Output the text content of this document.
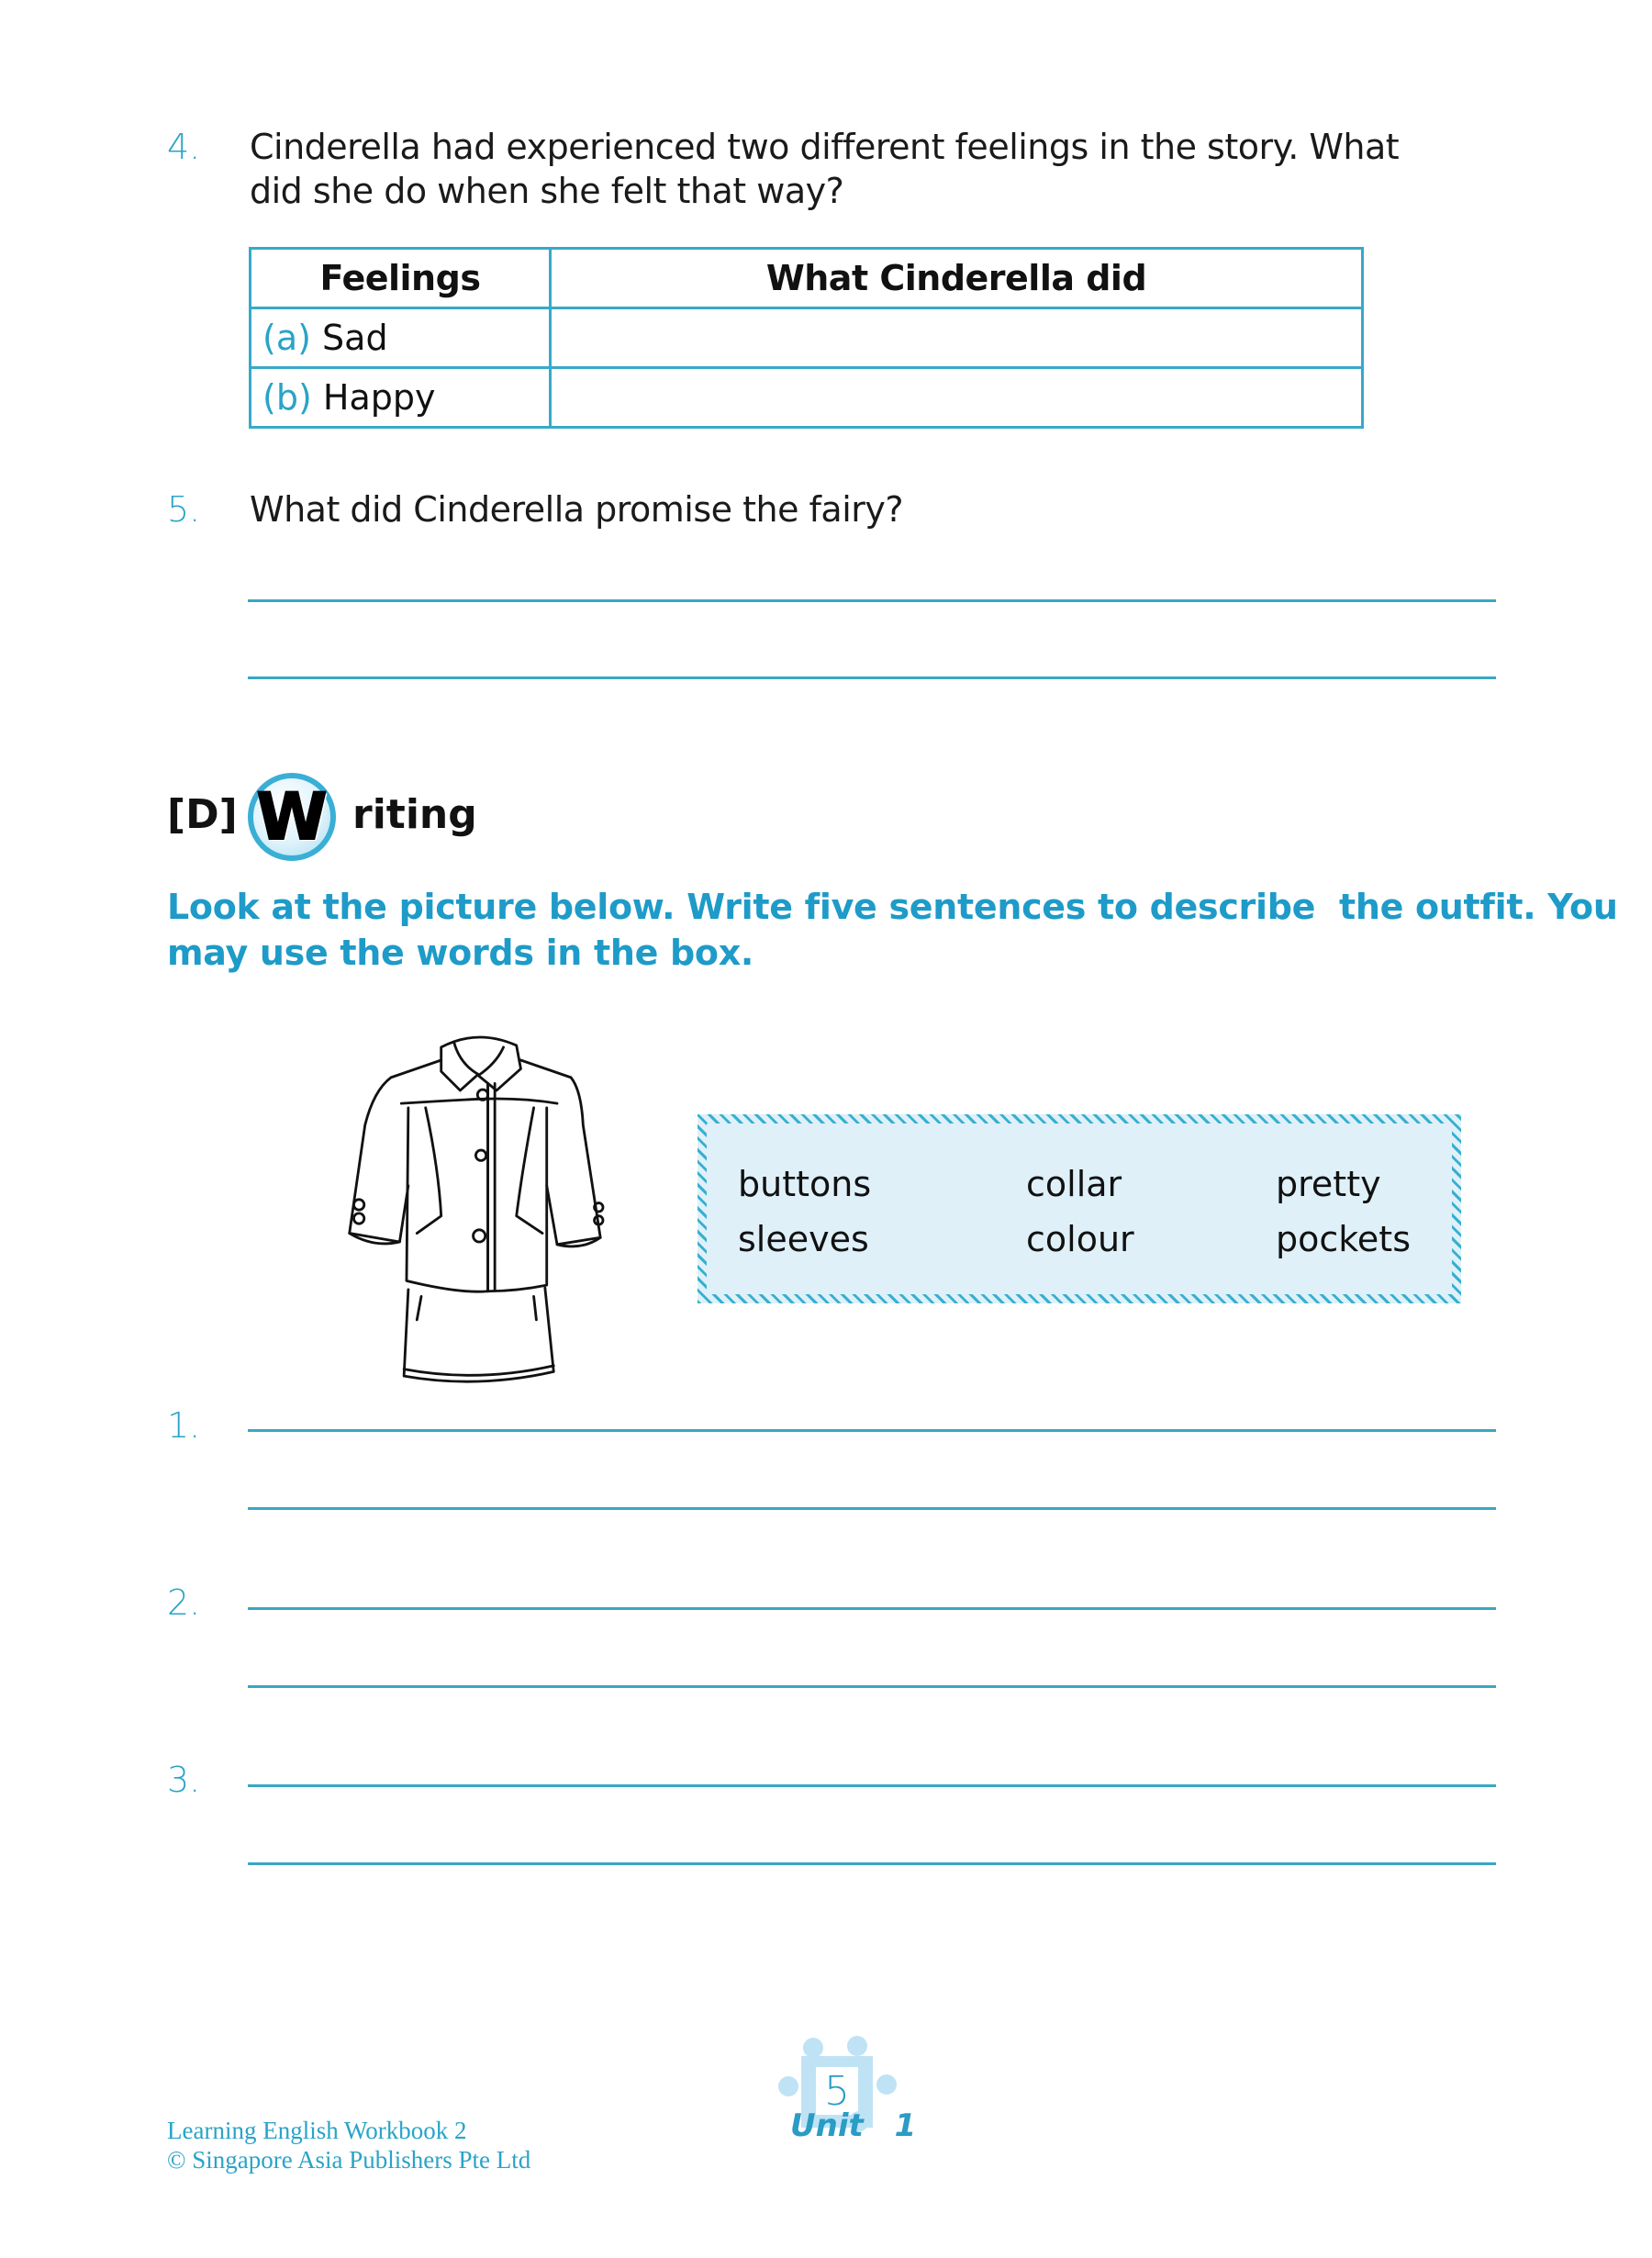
4. Cinderella had experienced two different feelings in the story. What
did she do when she felt that way?
Feelings	What Cinderella did
(a) Sad	
(b) Happy	
5. What did Cinderella promise the fairy?
[D] W riting
Look at the picture below. Write five sentences to describe  the outfit. You
may use the words in the box.
buttons	collar	pretty
sleeves	colour	pockets
1.
2.
3.
Learning English Workbook 2
© Singapore Asia Publishers Pte Ltd
5
Unit 1
